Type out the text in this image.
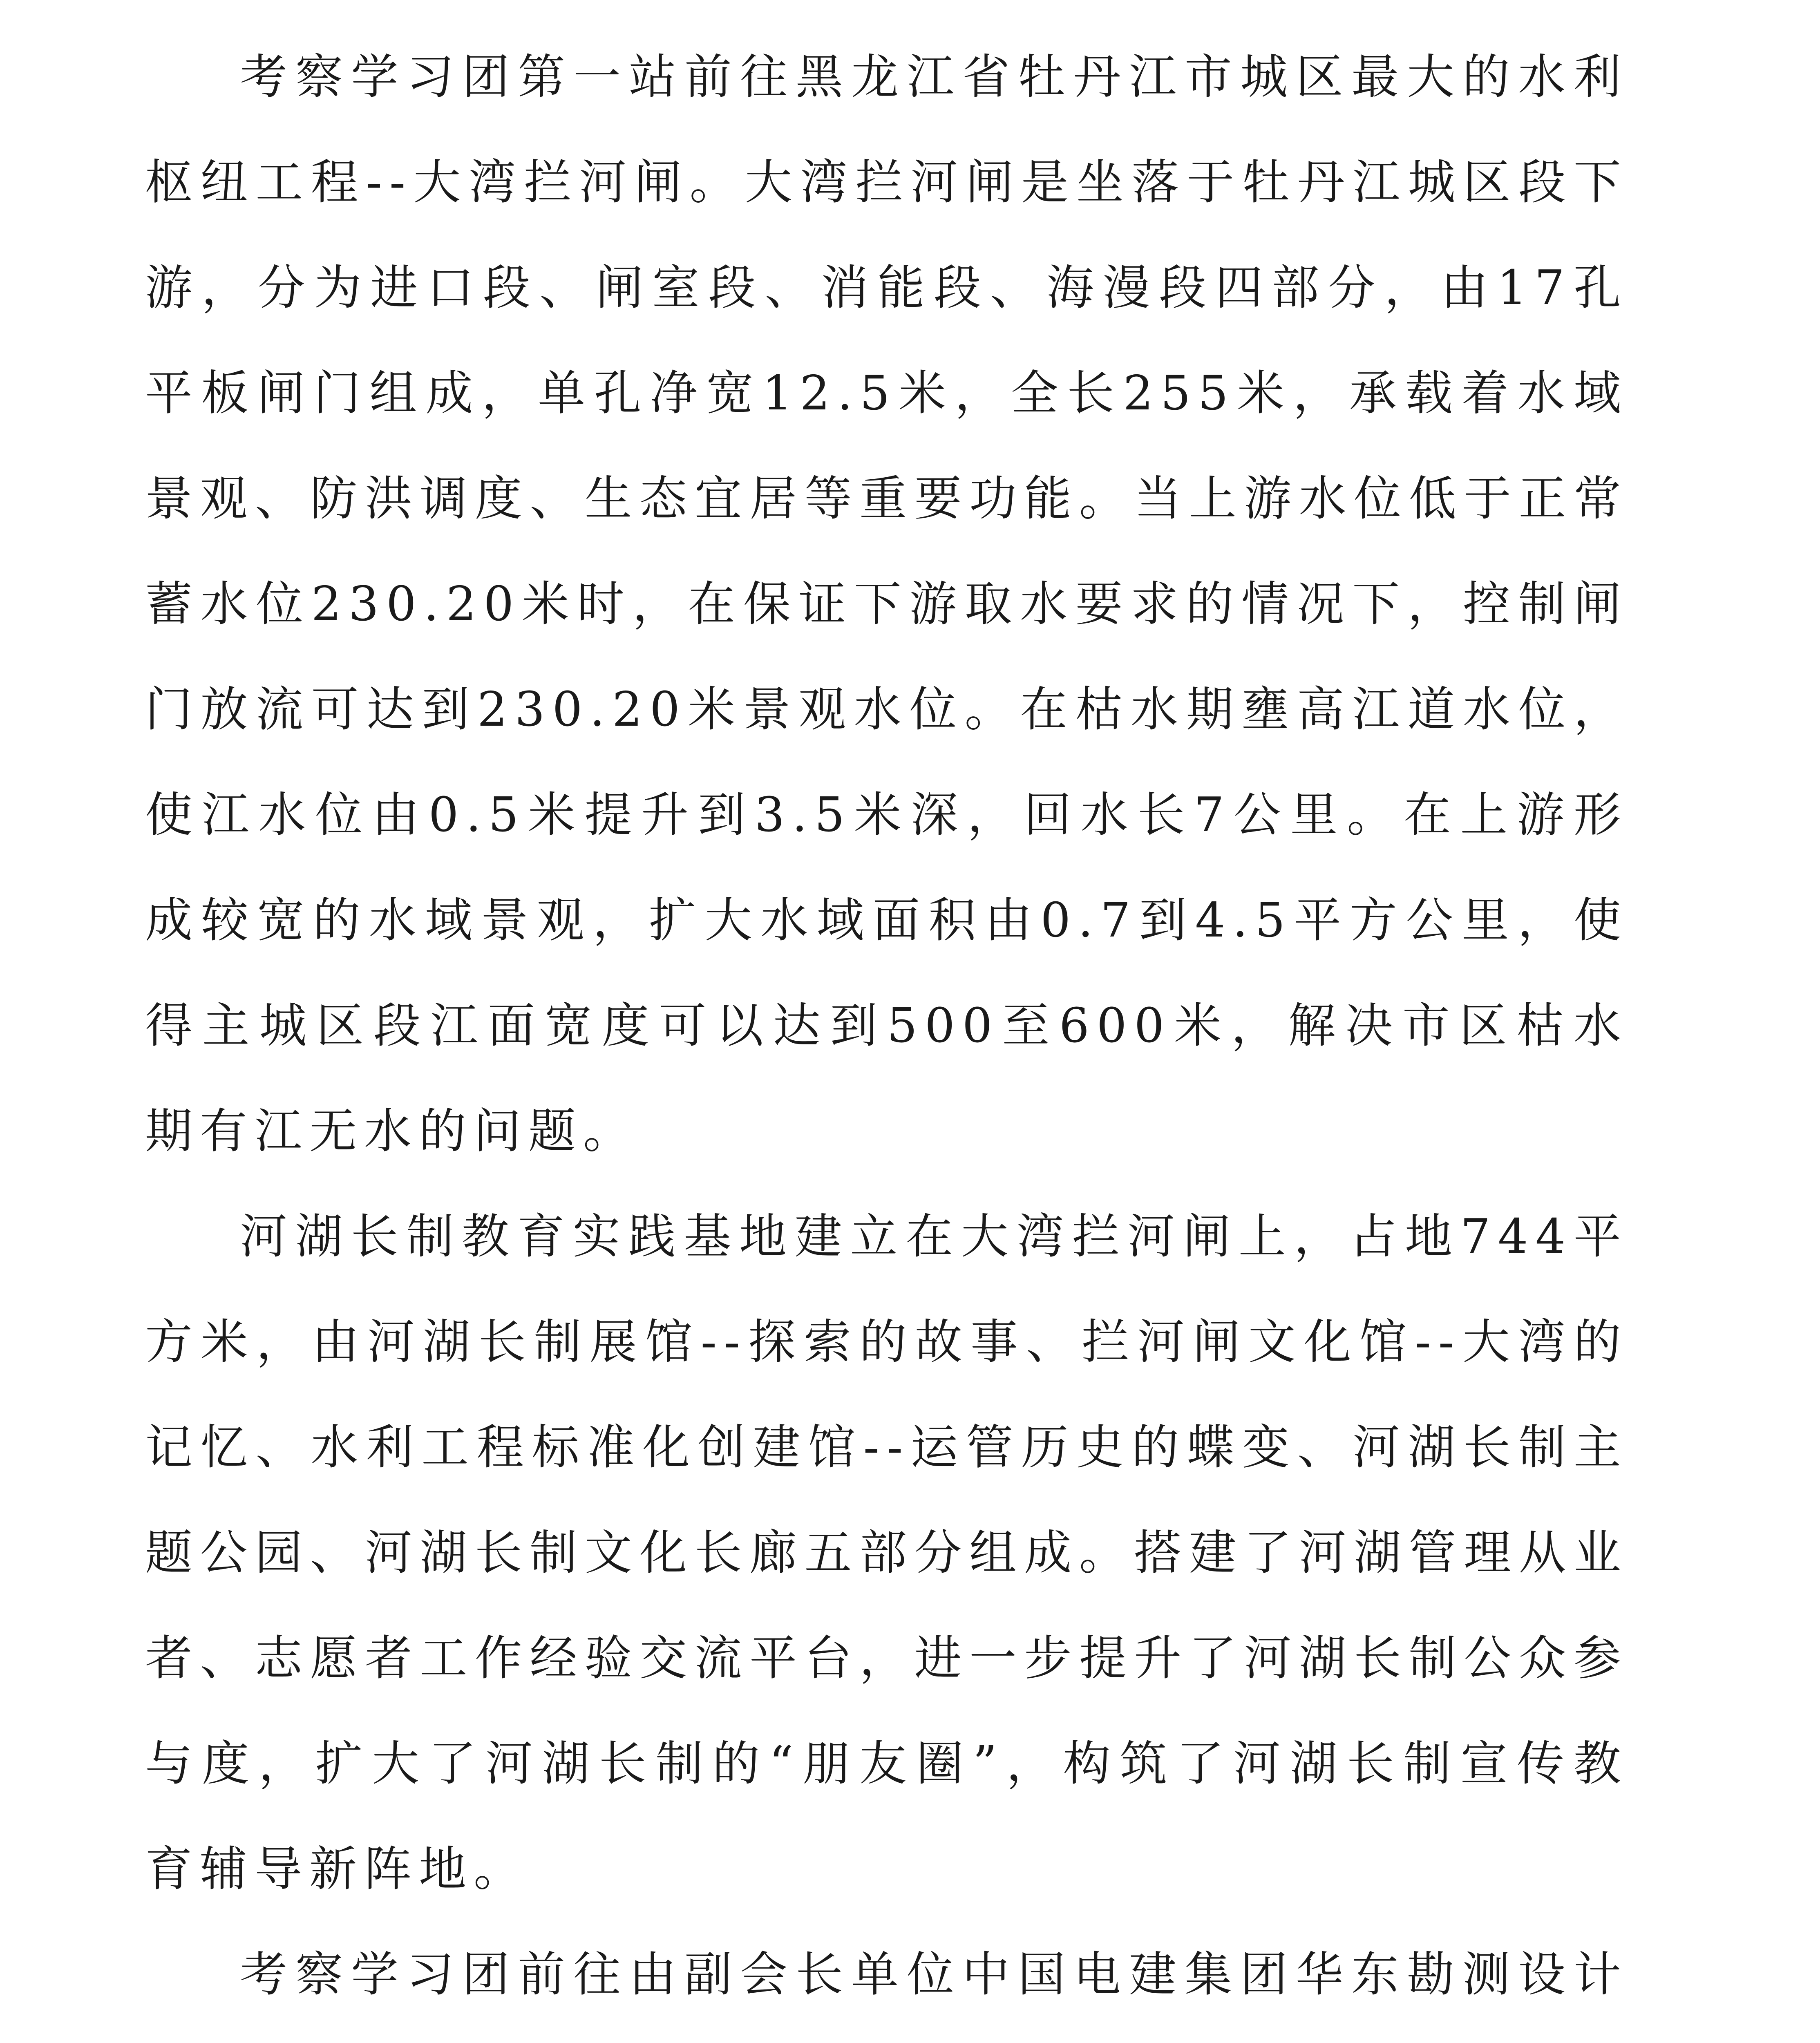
考察学习团第一站前往黑龙江省牡丹江市城区最大的水利枢纽工程--大湾拦河闸。大湾拦河闸是坐落于牡丹江城区段下游，分为进口段、闸室段、消能段、海漫段四部分，由17孔平板闸门组成，单孔净宽12.5米，全长255米，承载着水域景观、防洪调度、生态宜居等重要功能。当上游水位低于正常蓄水位230.20米时，在保证下游取水要求的情况下，控制闸门放流可达到230.20米景观水位。在枯水期壅高江道水位，使江水位由0.5米提升到3.5米深，回水长7公里。在上游形成较宽的水域景观，扩大水域面积由0.7到4.5平方公里，使得主城区段江面宽度可以达到500至600米，解决市区枯水期有江无水的问题。

河湖长制教育实践基地建立在大湾拦河闸上，占地744平方米，由河湖长制展馆--探索的故事、拦河闸文化馆--大湾的记忆、水利工程标准化创建馆--运管历史的蝶变、河湖长制主题公园、河湖长制文化长廊五部分组成。搭建了河湖管理从业者、志愿者工作经验交流平台，进一步提升了河湖长制公众参与度，扩大了河湖长制的“朋友圈”，构筑了河湖长制宣传教育辅导新阵地。

考察学习团前往由副会长单位中国电建集团华东勘测设计
